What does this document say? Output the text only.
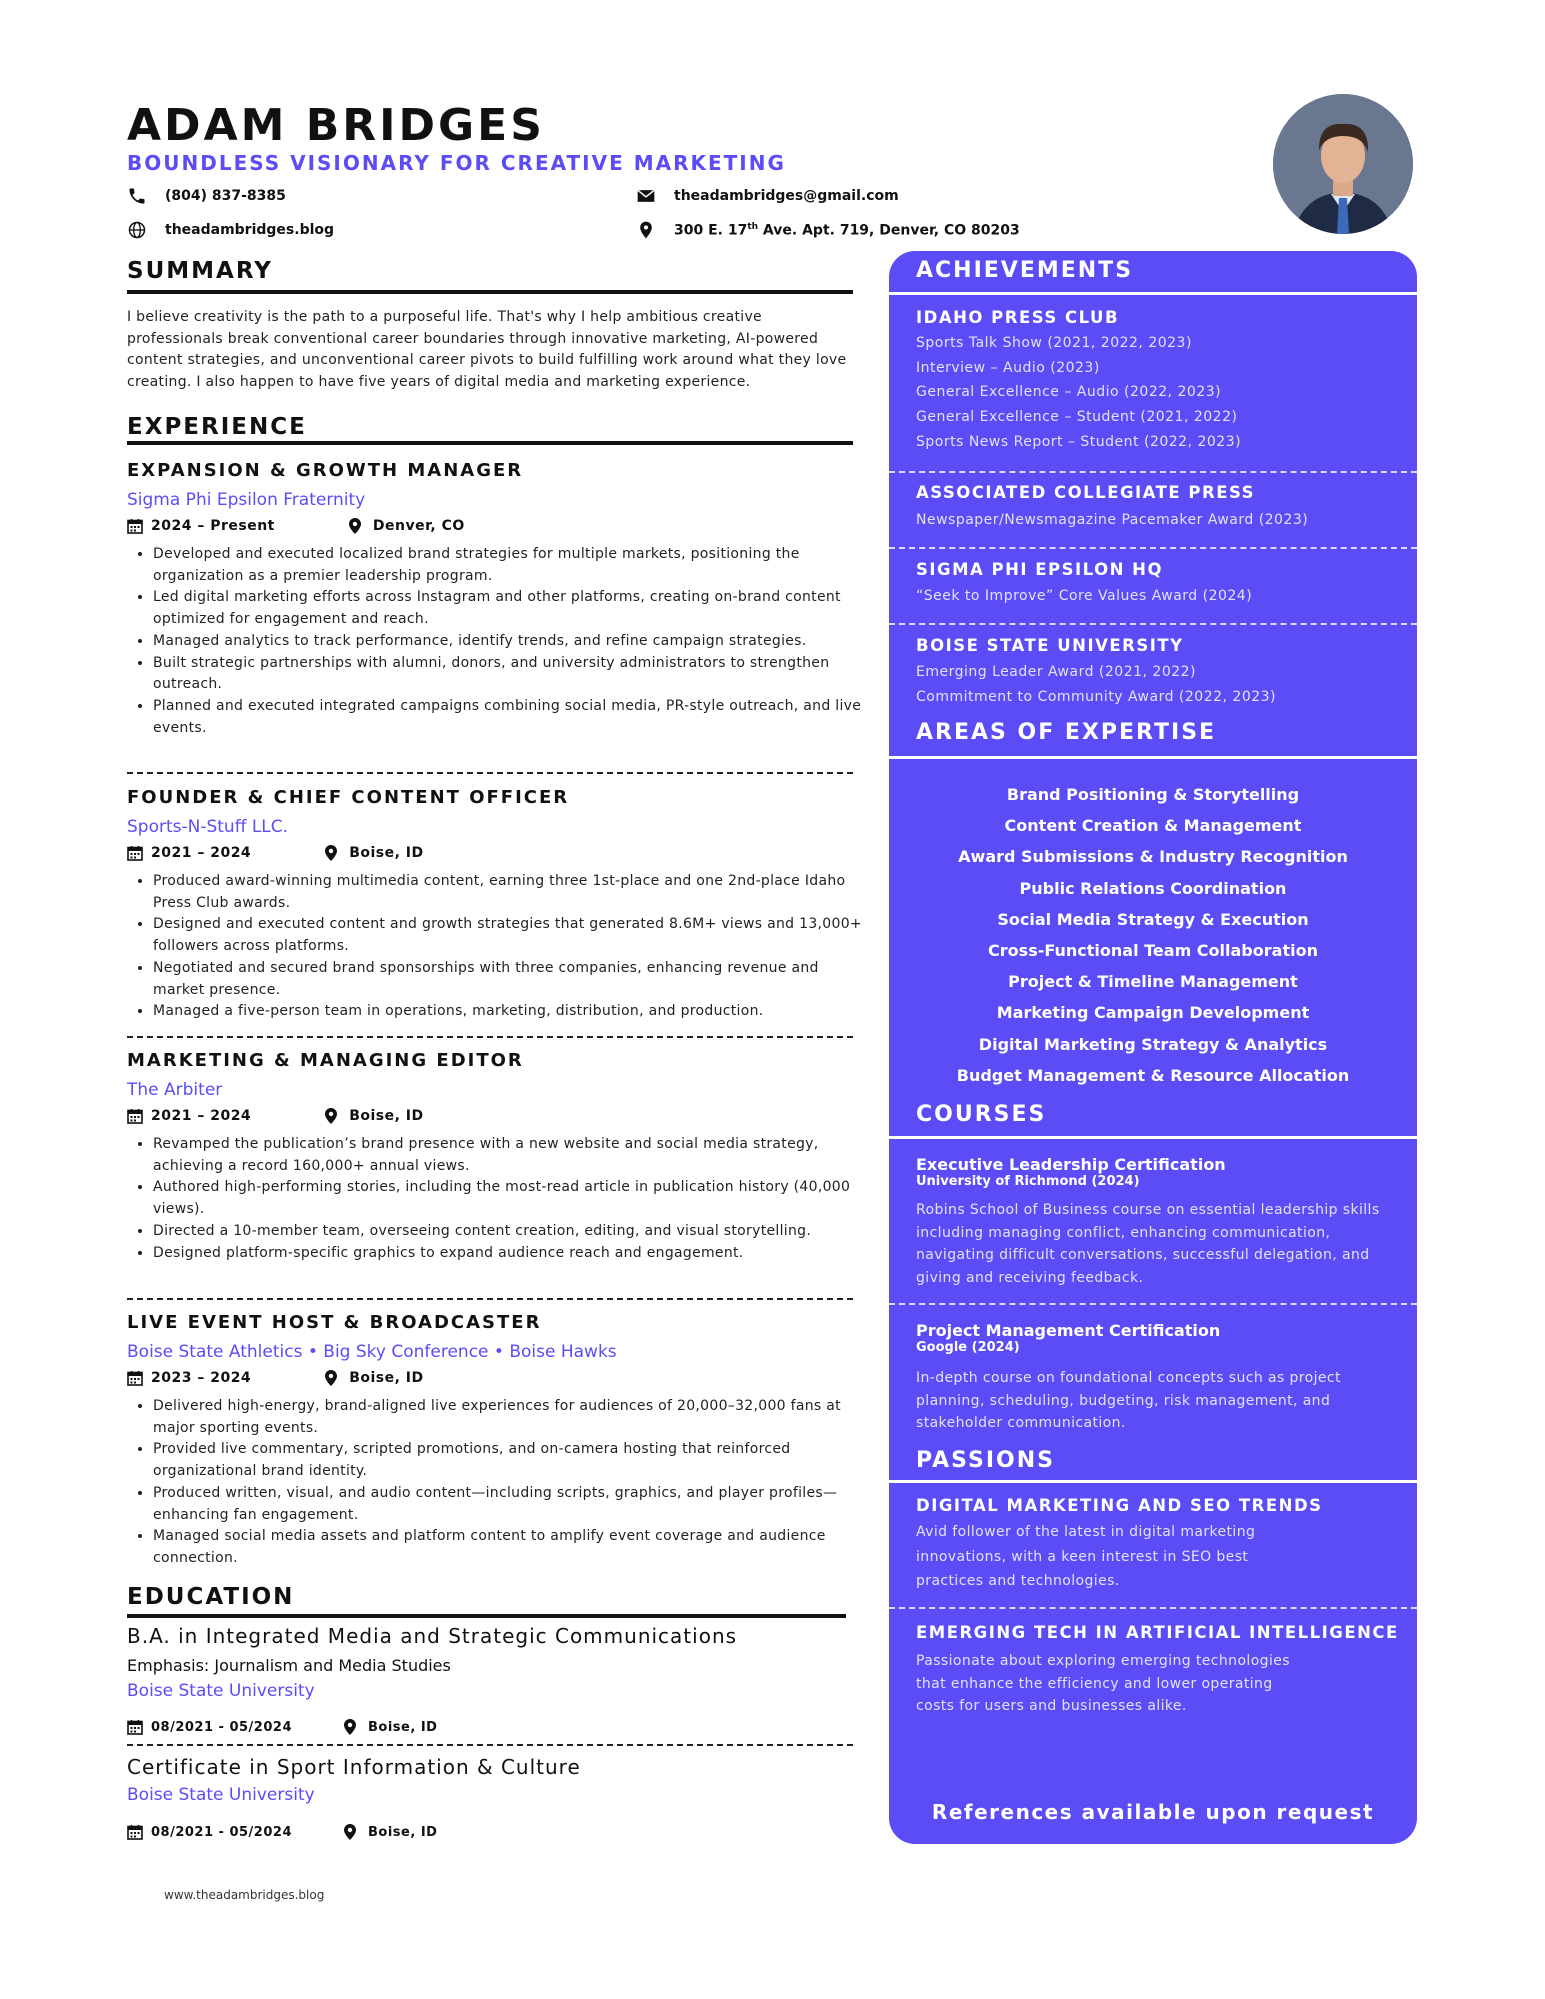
ADAM BRIDGES
BOUNDLESS VISIONARY FOR CREATIVE MARKETING
(804) 837-8385
theadambridges.blog
theadambridges@gmail.com
300 E. 17th Ave. Apt. 719, Denver, CO 80203
SUMMARY
I believe creativity is the path to a purposeful life. That's why I help ambitious creative professionals break conventional career boundaries through innovative marketing, AI-powered content strategies, and unconventional career pivots to build fulfilling work around what they love creating. I also happen to have five years of digital media and marketing experience.
EXPERIENCE
EXPANSION & GROWTH MANAGER
Sigma Phi Epsilon Fraternity
2024 – Present	Denver, CO
• Developed and executed localized brand strategies for multiple markets, positioning the organization as a premier leadership program.
• Led digital marketing efforts across Instagram and other platforms, creating on-brand content optimized for engagement and reach.
• Managed analytics to track performance, identify trends, and refine campaign strategies.
• Built strategic partnerships with alumni, donors, and university administrators to strengthen outreach.
• Planned and executed integrated campaigns combining social media, PR-style outreach, and live events.
FOUNDER & CHIEF CONTENT OFFICER
Sports-N-Stuff LLC.
2021 – 2024	Boise, ID
• Produced award-winning multimedia content, earning three 1st-place and one 2nd-place Idaho Press Club awards.
• Designed and executed content and growth strategies that generated 8.6M+ views and 13,000+ followers across platforms.
• Negotiated and secured brand sponsorships with three companies, enhancing revenue and market presence.
• Managed a five-person team in operations, marketing, distribution, and production.
MARKETING & MANAGING EDITOR
The Arbiter
2021 – 2024	Boise, ID
• Revamped the publication’s brand presence with a new website and social media strategy, achieving a record 160,000+ annual views.
• Authored high-performing stories, including the most-read article in publication history (40,000 views).
• Directed a 10-member team, overseeing content creation, editing, and visual storytelling.
• Designed platform-specific graphics to expand audience reach and engagement.
LIVE EVENT HOST & BROADCASTER
Boise State Athletics • Big Sky Conference • Boise Hawks
2023 – 2024	Boise, ID
• Delivered high-energy, brand-aligned live experiences for audiences of 20,000–32,000 fans at major sporting events.
• Provided live commentary, scripted promotions, and on-camera hosting that reinforced organizational brand identity.
• Produced written, visual, and audio content—including scripts, graphics, and player profiles—enhancing fan engagement.
• Managed social media assets and platform content to amplify event coverage and audience connection.
EDUCATION
B.A. in Integrated Media and Strategic Communications
Emphasis: Journalism and Media Studies
Boise State University
08/2021 - 05/2024	Boise, ID
Certificate in Sport Information & Culture
Boise State University
08/2021 - 05/2024	Boise, ID
www.theadambridges.blog
ACHIEVEMENTS
IDAHO PRESS CLUB
Sports Talk Show (2021, 2022, 2023)
Interview – Audio (2023)
General Excellence – Audio (2022, 2023)
General Excellence – Student (2021, 2022)
Sports News Report – Student (2022, 2023)
ASSOCIATED COLLEGIATE PRESS
Newspaper/Newsmagazine Pacemaker Award (2023)
SIGMA PHI EPSILON HQ
“Seek to Improve” Core Values Award (2024)
BOISE STATE UNIVERSITY
Emerging Leader Award (2021, 2022)
Commitment to Community Award (2022, 2023)
AREAS OF EXPERTISE
Brand Positioning & Storytelling
Content Creation & Management
Award Submissions & Industry Recognition
Public Relations Coordination
Social Media Strategy & Execution
Cross-Functional Team Collaboration
Project & Timeline Management
Marketing Campaign Development
Digital Marketing Strategy & Analytics
Budget Management & Resource Allocation
COURSES
Executive Leadership Certification
University of Richmond (2024)
Robins School of Business course on essential leadership skills including managing conflict, enhancing communication, navigating difficult conversations, successful delegation, and giving and receiving feedback.
Project Management Certification
Google (2024)
In-depth course on foundational concepts such as project planning, scheduling, budgeting, risk management, and stakeholder communication.
PASSIONS
DIGITAL MARKETING AND SEO TRENDS
Avid follower of the latest in digital marketing innovations, with a keen interest in SEO best practices and technologies.
EMERGING TECH IN ARTIFICIAL INTELLIGENCE
Passionate about exploring emerging technologies that enhance the efficiency and lower operating costs for users and businesses alike.
References available upon request
